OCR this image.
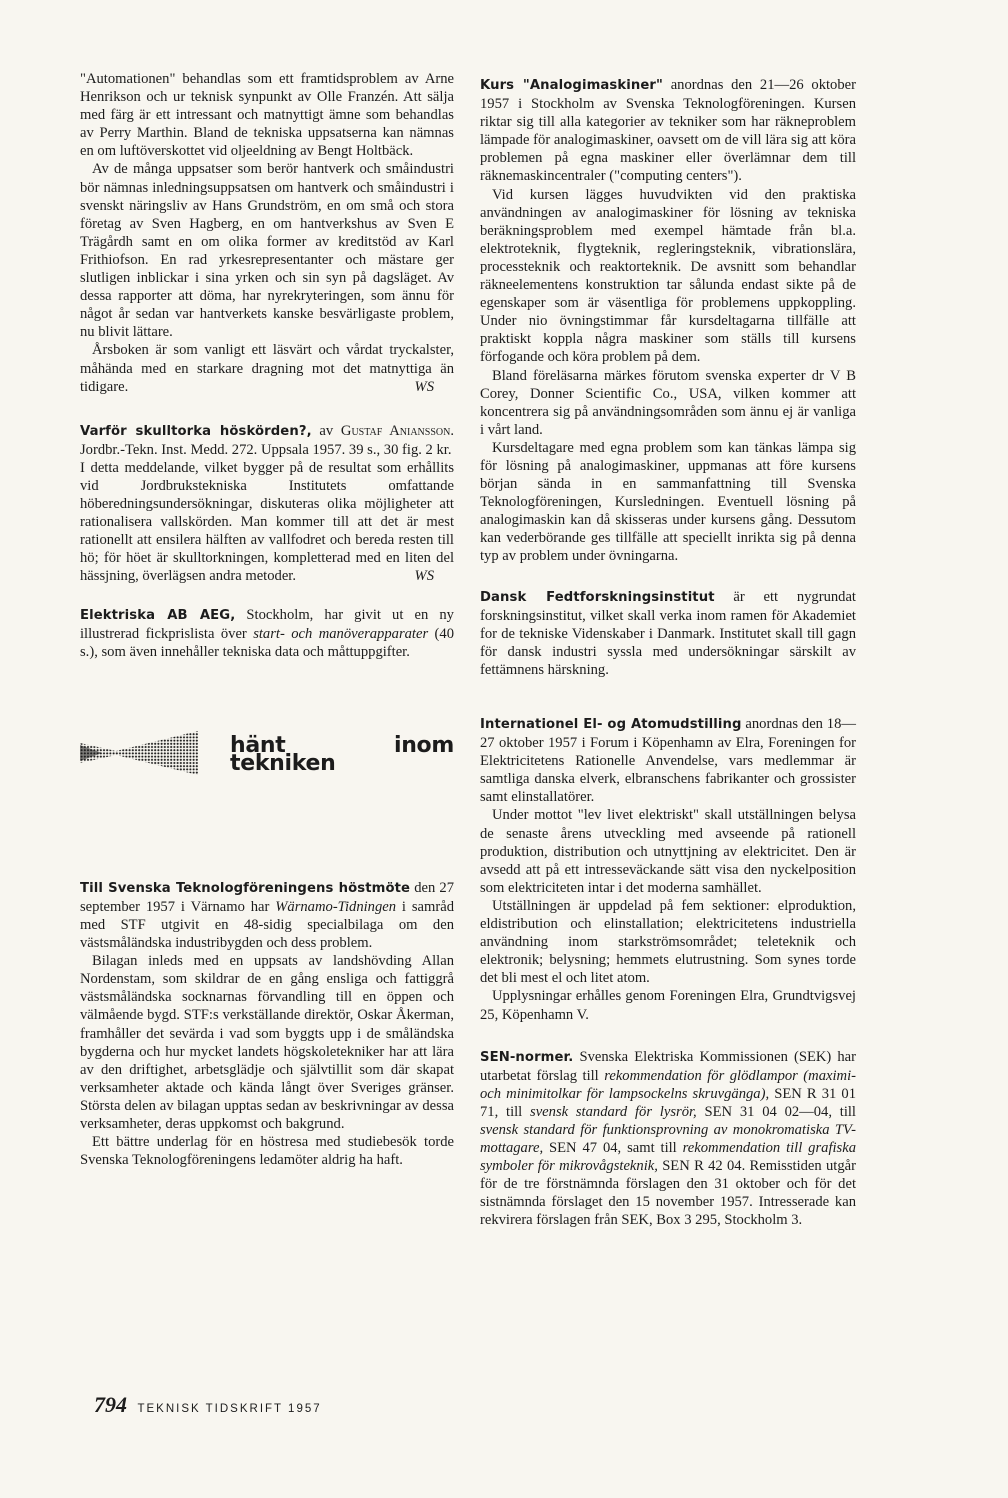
"Automationen" behandlas som ett framtidsproblem av Arne Henrikson och ur teknisk synpunkt av Olle Franzén. Att sälja med färg är ett intressant och matnyttigt ämne som behandlas av Perry Marthin. Bland de tekniska uppsatserna kan nämnas en om luftöverskottet vid oljeeldning av Bengt Holtbäck.

Av de många uppsatser som berör hantverk och småindustri bör nämnas inledningsuppsatsen om hantverk och småindustri i svenskt näringsliv av Hans Grundström, en om små och stora företag av Sven Hagberg, en om hantverkshus av Sven E Trägårdh samt en om olika former av kreditstöd av Karl Frithiofson. En rad yrkesrepresentanter och mästare ger slutligen inblickar i sina yrken och sin syn på dagsläget. Av dessa rapporter att döma, har nyrekryteringen, som ännu för något år sedan var hantverkets kanske besvärligaste problem, nu blivit lättare.

Årsboken är som vanligt ett läsvärt och vårdat tryckalster, måhända med en starkare dragning mot det matnyttiga än tidigare.	WS

Varför skulltorka höskörden?, av Gustaf Aniansson. Jordbr.-Tekn. Inst. Medd. 272. Uppsala 1957. 39 s., 30 fig. 2 kr.

I detta meddelande, vilket bygger på de resultat som erhållits vid Jordbrukstekniska Institutets omfattande höberedningsundersökningar, diskuteras olika möjligheter att rationalisera vallskörden. Man kommer till att det är mest rationellt att ensilera hälften av vallfodret och bereda resten till hö; för höet är skulltorkningen, kompletterad med en liten del hässjning, överlägsen andra metoder.	WS

Elektriska AB AEG, Stockholm, har givit ut en ny illustrerad fickprislista över start- och manöverapparater (40 s.), som även innehåller tekniska data och måttuppgifter.

hänt inom tekniken

Till Svenska Teknologföreningens höstmöte den 27 september 1957 i Värnamo har Wärnamo-Tidningen i samråd med STF utgivit en 48-sidig specialbilaga om den västsmåländska industribygden och dess problem.

Bilagan inleds med en uppsats av landshövding Allan Nordenstam, som skildrar de en gång ensliga och fattiggrå västsmåländska socknarnas förvandling till en öppen och välmående bygd. STF:s verkställande direktör, Oskar Åkerman, framhåller det sevärda i vad som byggts upp i de småländska bygderna och hur mycket landets högskoletekniker har att lära av den driftighet, arbetsglädje och självtillit som där skapat verksamheter aktade och kända långt över Sveriges gränser. Största delen av bilagan upptas sedan av beskrivningar av dessa verksamheter, deras uppkomst och bakgrund.

Ett bättre underlag för en höstresa med studiebesök torde Svenska Teknologföreningens ledamöter aldrig ha haft.

Kurs "Analogimaskiner" anordnas den 21—26 oktober 1957 i Stockholm av Svenska Teknologföreningen. Kursen riktar sig till alla kategorier av tekniker som har räkneproblem lämpade för analogimaskiner, oavsett om de vill lära sig att köra problemen på egna maskiner eller överlämnar dem till räknemaskincentraler ("computing centers").

Vid kursen lägges huvudvikten vid den praktiska användningen av analogimaskiner för lösning av tekniska beräkningsproblem med exempel hämtade från bl.a. elektroteknik, flygteknik, regleringsteknik, vibrationslära, processteknik och reaktorteknik. De avsnitt som behandlar räkneelementens konstruktion tar sålunda endast sikte på de egenskaper som är väsentliga för problemens uppkoppling. Under nio övningstimmar får kursdeltagarna tillfälle att praktiskt koppla några maskiner som ställs till kursens förfogande och köra problem på dem.

Bland föreläsarna märkes förutom svenska experter dr V B Corey, Donner Scientific Co., USA, vilken kommer att koncentrera sig på användningsområden som ännu ej är vanliga i vårt land.

Kursdeltagare med egna problem som kan tänkas lämpa sig för lösning på analogimaskiner, uppmanas att före kursens början sända in en sammanfattning till Svenska Teknologföreningen, Kursledningen. Eventuell lösning på analogimaskin kan då skisseras under kursens gång. Dessutom kan vederbörande ges tillfälle att speciellt inrikta sig på denna typ av problem under övningarna.

Dansk Fedtforskningsinstitut är ett nygrundat forskningsinstitut, vilket skall verka inom ramen för Akademiet for de tekniske Videnskaber i Danmark. Institutet skall till gagn för dansk industri syssla med undersökningar särskilt av fettämnens härskning.

Internationel El- og Atomudstilling anordnas den 18—27 oktober 1957 i Forum i Köpenhamn av Elra, Foreningen for Elektricitetens Rationelle Anvendelse, vars medlemmar är samtliga danska elverk, elbranschens fabrikanter och grossister samt elinstallatörer.

Under mottot "lev livet elektriskt" skall utställningen belysa de senaste årens utveckling med avseende på rationell produktion, distribution och utnyttjning av elektricitet. Den är avsedd att på ett intresseväckande sätt visa den nyckelposition som elektriciteten intar i det moderna samhället.

Utställningen är uppdelad på fem sektioner: elproduktion, eldistribution och elinstallation; elektricitetens industriella användning inom starkströmsområdet; teleteknik och elektronik; belysning; hemmets elutrustning. Som synes torde det bli mest el och litet atom.

Upplysningar erhålles genom Foreningen Elra, Grundtvigsvej 25, Köpenhamn V.

SEN-normer. Svenska Elektriska Kommissionen (SEK) har utarbetat förslag till rekommendation för glödlampor (maximi- och minimitolkar för lampsockelns skruvgänga), SEN R 31 01 71, till svensk standard för lysrör, SEN 31 04 02—04, till svensk standard för funktionsprovning av monokromatiska TV-mottagare, SEN 47 04, samt till rekommendation till grafiska symboler för mikrovågsteknik, SEN R 42 04. Remisstiden utgår för de tre förstnämnda förslagen den 31 oktober och för det sistnämnda förslaget den 15 november 1957. Intresserade kan rekvirera förslagen från SEK, Box 3 295, Stockholm 3.

794 TEKNISK TIDSKRIFT 1957
